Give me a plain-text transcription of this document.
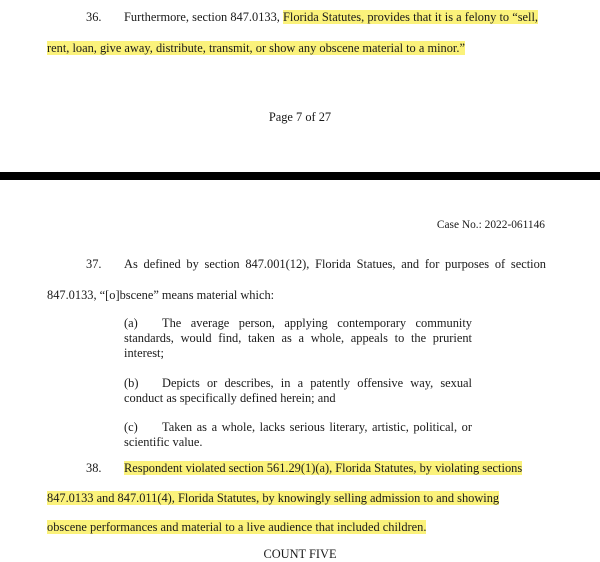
36. Furthermore, section 847.0133, Florida Statutes, provides that it is a felony to “sell,
rent, loan, give away, distribute, transmit, or show any obscene material to a minor.”
Page 7 of 27
Case No.: 2022-061146
37. As defined by section 847.001(12), Florida Statues, and for purposes of section
847.0133, “[o]bscene” means material which:
(a) The average person, applying contemporary community
standards, would find, taken as a whole, appeals to the prurient
interest;
(b) Depicts or describes, in a patently offensive way, sexual
conduct as specifically defined herein; and
(c) Taken as a whole, lacks serious literary, artistic, political, or
scientific value.
38. Respondent violated section 561.29(1)(a), Florida Statutes, by violating sections
847.0133 and 847.011(4), Florida Statutes, by knowingly selling admission to and showing
obscene performances and material to a live audience that included children.
COUNT FIVE
